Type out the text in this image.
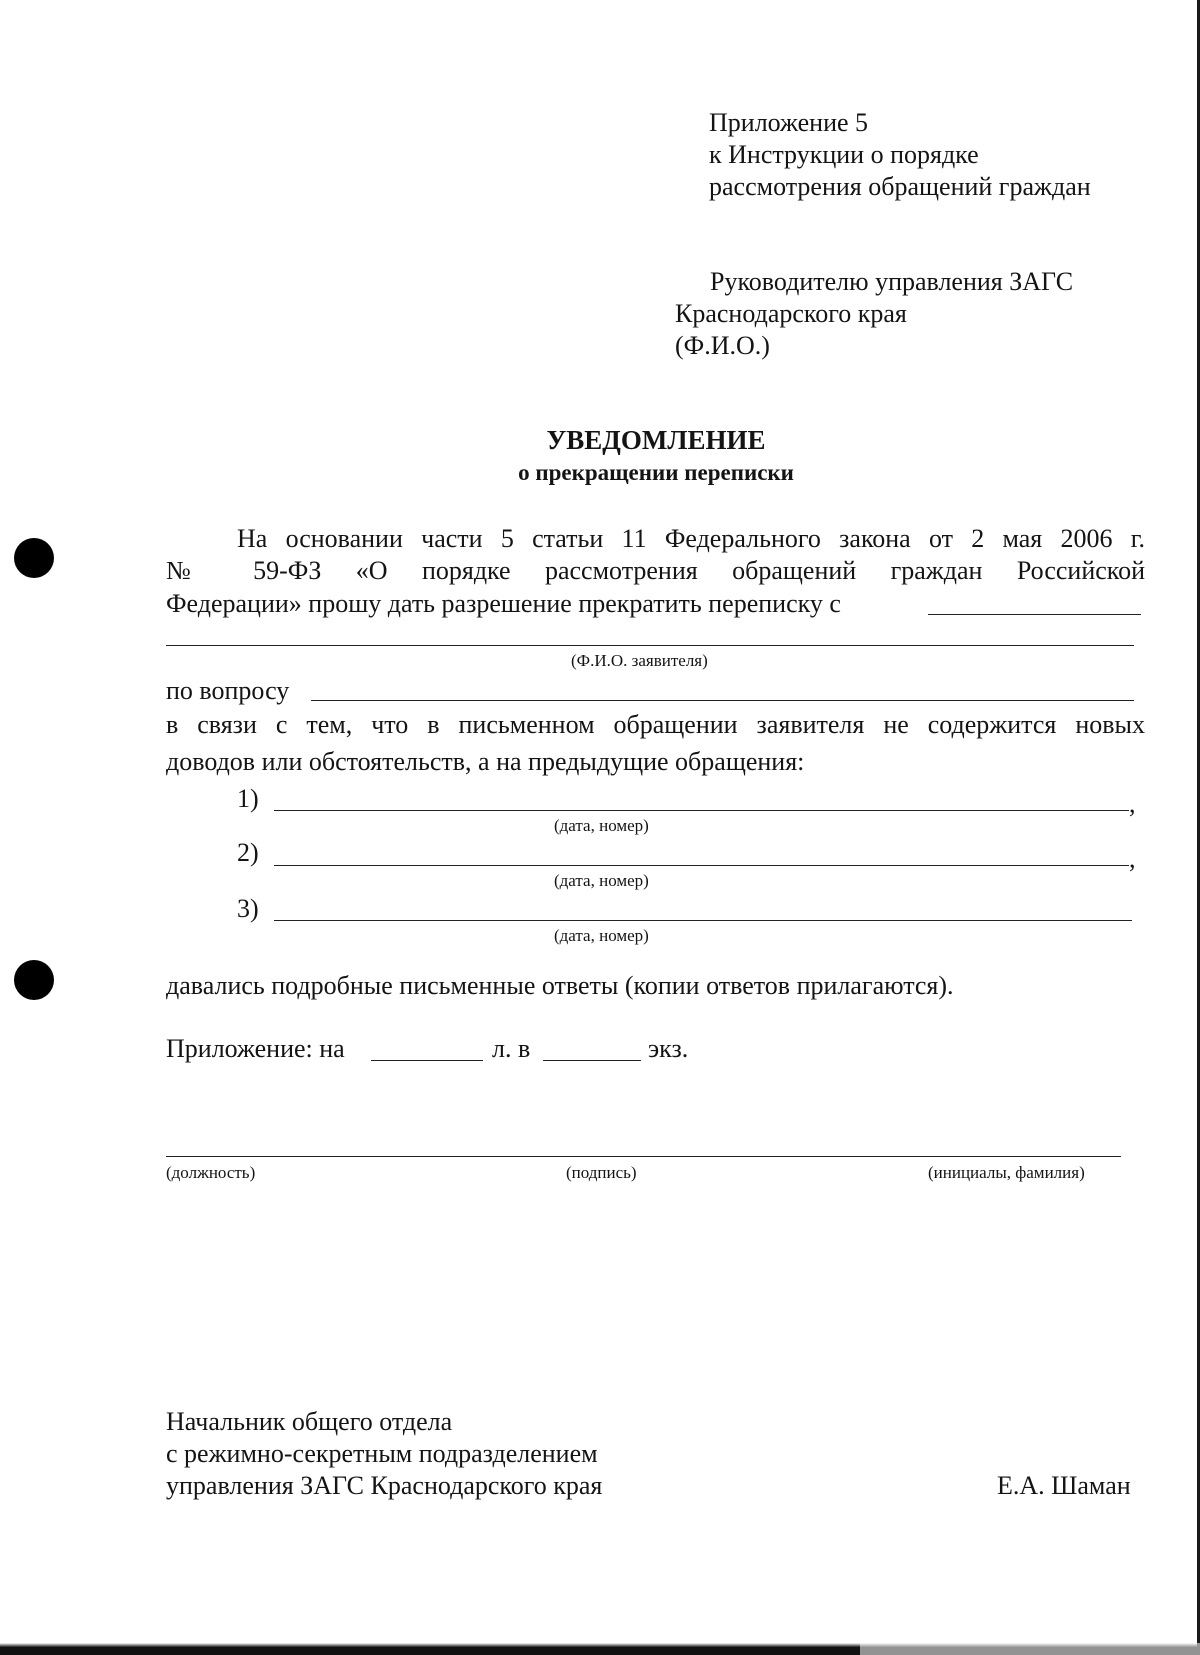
Приложение 5
к Инструкции о порядке
рассмотрения обращений граждан
Руководителю управления ЗАГС
Краснодарского края
(Ф.И.О.)
УВЕДОМЛЕНИЕ
о прекращении переписки
На основании части 5 статьи 11 Федерального закона от 2 мая 2006 г.
№ 59-ФЗ «О порядке рассмотрения обращений граждан Российской
Федерации» прошу дать разрешение прекратить переписку с
(Ф.И.О. заявителя)
по вопросу
в связи с тем, что в письменном обращении заявителя не содержится новых
доводов или обстоятельств, а на предыдущие обращения:
1)	,
(дата, номер)
2)	,
(дата, номер)
3)
(дата, номер)
давались подробные письменные ответы (копии ответов прилагаются).
Приложение: на	л. в	экз.
(должность)	(подпись)	(инициалы, фамилия)
Начальник общего отдела
с режимно-секретным подразделением
управления ЗАГС Краснодарского края	Е.А. Шаман
